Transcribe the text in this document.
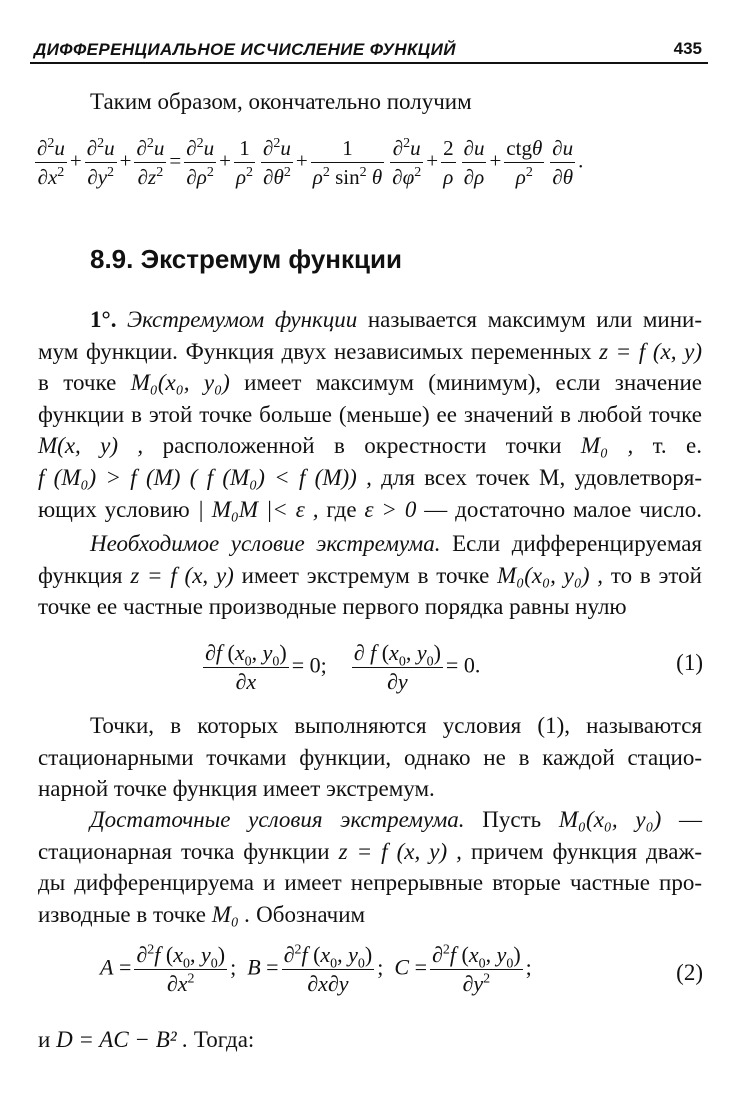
ДИФФЕРЕНЦИАЛЬНОЕ ИСЧИСЛЕНИЕ ФУНКЦИЙ	435
Таким образом, окончательно получим
$\frac{\partial^2u}{\partial x^2} + \frac{\partial^2u}{\partial y^2} + \frac{\partial^2u}{\partial z^2} = \frac{\partial^2u}{\partial\rho^2} + \frac{1}{\rho^2} \frac{\partial^2u}{\partial\theta^2} + \frac{1}{\rho^2 \sin^2 \theta} \frac{\partial^2u}{\partial\varphi^2} + \frac{2}{\rho} \frac{\partial u}{\partial\rho} + \frac{\text{ctgθ}}{\rho^2} \frac{\partial u}{\partial\theta}$ .
8.9. Экстремум функции
1°. Экстремумом функции называется максимум или мини-
мум функции. Функция двух независимых переменных z = f (x, y)
в точке M₀(x₀, y₀) имеет максимум (минимум), если значение
функции в этой точке больше (меньше) ее значений в любой точке
M(x, y) , расположенной в окрестности точки M₀ , т. е.
f (M₀) > f (M) ( f (M₀) < f (M)) , для всех точек M, удовлетворя-
ющих условию | M₀M |< ε , где ε > 0 — достаточно малое число.
Необходимое условие экстремума. Если дифференцируемая
функция z = f (x, y) имеет экстремум в точке M₀(x₀, y₀) , то в этой
точке ее частные производные первого порядка равны нулю
$\frac{\partial f (x_0, y_0)}{\partial x} = 0$; $\frac{\partial f (x_0, y_0)}{\partial y} = 0$.	(1)
Точки, в которых выполняются условия (1), называются
стационарными точками функции, однако не в каждой стацио-
нарной точке функция имеет экстремум.
Достаточные условия экстремума. Пусть M₀(x₀, y₀) —
стационарная точка функции z = f (x, y) , причем функция дваж-
ды дифференцируема и имеет непрерывные вторые частные про-
изводные в точке M₀ . Обозначим
$A = \frac{\partial^2f (x_0, y_0)}{\partial x^2}$ ;  $B = \frac{\partial^2f (x_0, y_0)}{\partial x\partial y}$ ;  $C = \frac{\partial^2f (x_0, y_0)}{\partial y^2}$ ;	(2)
и D = AC − B² . Тогда:
